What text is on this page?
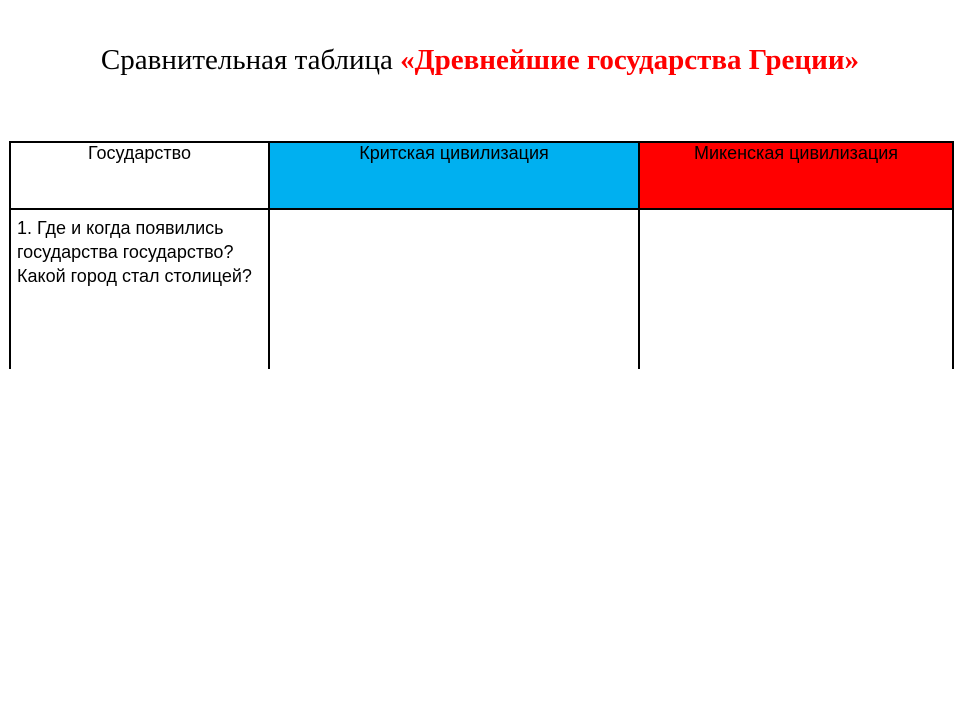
Сравнительная таблица «Древнейшие государства Греции»
Государство	Критская цивилизация	Микенская цивилизация
1. Где и когда появились государства государство? Какой город стал столицей?		
